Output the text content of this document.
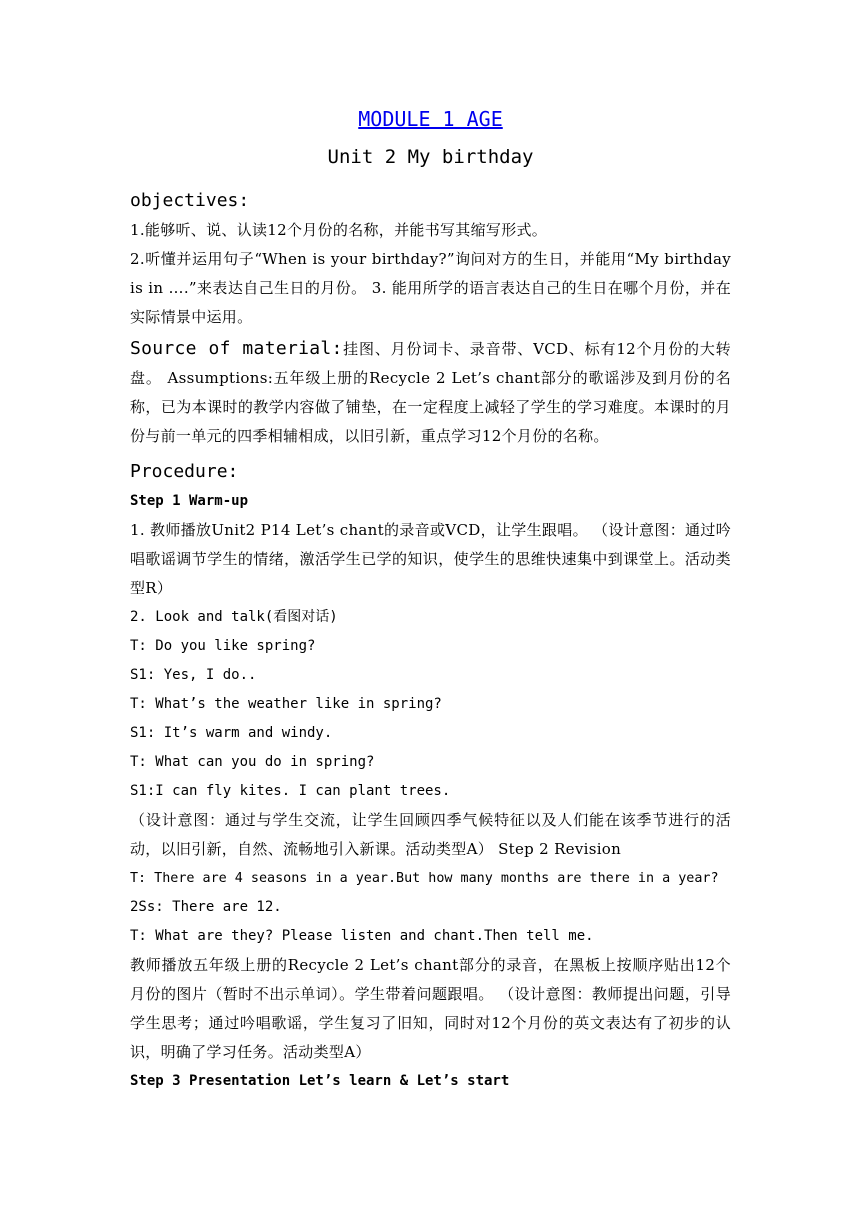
MODULE 1 AGE
Unit 2 My birthday
objectives:
1.能够听、说、认读12个月份的名称，并能书写其缩写形式。
2.听懂并运用句子“When is your birthday?”询问对方的生日，并能用“My birthday is in ….”来表达自己生日的月份。 3. 能用所学的语言表达自己的生日在哪个月份，并在实际情景中运用。
Source of material:挂图、月份词卡、录音带、VCD、标有12个月份的大转盘。 Assumptions:五年级上册的Recycle 2 Let’s chant部分的歌谣涉及到月份的名称，已为本课时的教学内容做了铺垫，在一定程度上减轻了学生的学习难度。本课时的月份与前一单元的四季相辅相成，以旧引新，重点学习12个月份的名称。
Procedure:
Step 1 Warm-up
1. 教师播放Unit2 P14 Let’s chant的录音或VCD，让学生跟唱。 （设计意图：通过吟唱歌谣调节学生的情绪，激活学生已学的知识，使学生的思维快速集中到课堂上。活动类型R）
2. Look and talk(看图对话)
T: Do you like spring?
S1: Yes, I do..
T: What’s the weather like in spring?
S1: It’s warm and windy.
T: What can you do in spring?
S1:I can fly kites. I can plant trees.
（设计意图：通过与学生交流，让学生回顾四季气候特征以及人们能在该季节进行的活动，以旧引新，自然、流畅地引入新课。活动类型A） Step 2 Revision
T: There are 4 seasons in a year.But how many months are there in a year?
2Ss: There are 12.
T: What are they? Please listen and chant.Then tell me.
教师播放五年级上册的Recycle 2 Let’s chant部分的录音，在黑板上按顺序贴出12个月份的图片（暂时不出示单词）。学生带着问题跟唱。 （设计意图：教师提出问题，引导学生思考；通过吟唱歌谣，学生复习了旧知，同时对12个月份的英文表达有了初步的认识，明确了学习任务。活动类型A）
Step 3 Presentation Let’s learn & Let’s start
